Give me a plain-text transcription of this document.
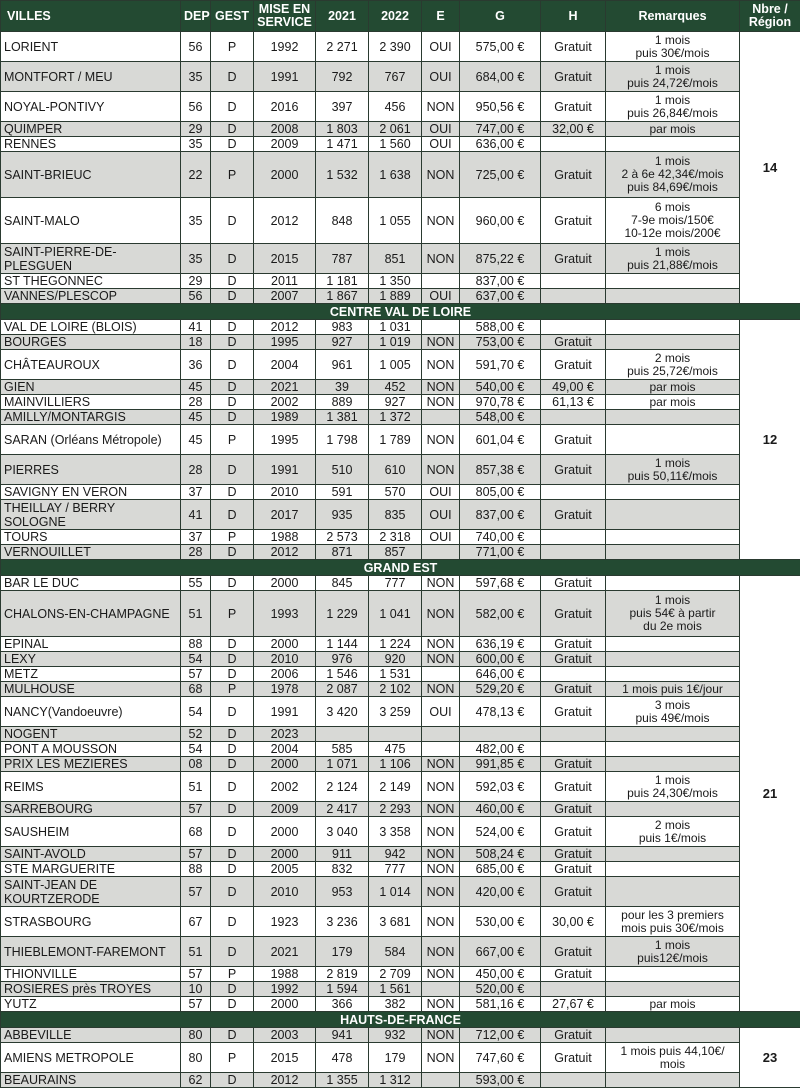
VILLES	DEP	GEST	MISE EN
SERVICE	2021	2022	E	G	H	Remarques	Nbre /
Région
LORIENT	56	P	1992	2 271	2 390	OUI	575,00 €	Gratuit	1 mois
puis 30€/mois	14
MONTFORT / MEU	35	D	1991	792	767	OUI	684,00 €	Gratuit	1 mois
puis 24,72€/mois	
NOYAL-PONTIVY	56	D	2016	397	456	NON	950,56 €	Gratuit	1 mois
puis 26,84€/mois	
QUIMPER	29	D	2008	1 803	2 061	OUI	747,00 €	32,00 €	par mois	
RENNES	35	D	2009	1 471	1 560	OUI	636,00 €			
SAINT-BRIEUC	22	P	2000	1 532	1 638	NON	725,00 €	Gratuit	1 mois
2 à 6e 42,34€/mois
puis 84,69€/mois	
SAINT-MALO	35	D	2012	848	1 055	NON	960,00 €	Gratuit	6 mois
7-9e mois/150€
10-12e mois/200€	
SAINT-PIERRE-DE-PLESGUEN	35	D	2015	787	851	NON	875,22 €	Gratuit	1 mois
puis 21,88€/mois	
ST THEGONNEC	29	D	2011	1 181	1 350		837,00 €			
VANNES/PLESCOP	56	D	2007	1 867	1 889	OUI	637,00 €			
CENTRE VAL DE LOIRE										
VAL DE LOIRE (BLOIS)	41	D	2012	983	1 031		588,00 €			12
BOURGES	18	D	1995	927	1 019	NON	753,00 €	Gratuit		
CHÂTEAUROUX	36	D	2004	961	1 005	NON	591,70 €	Gratuit	2 mois
puis 25,72€/mois	
GIEN	45	D	2021	39	452	NON	540,00 €	49,00 €	par mois	
MAINVILLIERS	28	D	2002	889	927	NON	970,78 €	61,13 €	par mois	
AMILLY/MONTARGIS	45	D	1989	1 381	1 372		548,00 €			
SARAN (Orléans Métropole)	45	P	1995	1 798	1 789	NON	601,04 €	Gratuit		
PIERRES	28	D	1991	510	610	NON	857,38 €	Gratuit	1 mois
puis 50,11€/mois	
SAVIGNY EN VERON	37	D	2010	591	570	OUI	805,00 €			
THEILLAY / BERRY SOLOGNE	41	D	2017	935	835	OUI	837,00 €	Gratuit		
TOURS	37	P	1988	2 573	2 318	OUI	740,00 €			
VERNOUILLET	28	D	2012	871	857		771,00 €			
GRAND EST										
BAR LE DUC	55	D	2000	845	777	NON	597,68 €	Gratuit		21
CHALONS-EN-CHAMPAGNE	51	P	1993	1 229	1 041	NON	582,00 €	Gratuit	1 mois
puis 54€ à partir
du 2e mois	
EPINAL	88	D	2000	1 144	1 224	NON	636,19 €	Gratuit		
LEXY	54	D	2010	976	920	NON	600,00 €	Gratuit		
METZ	57	D	2006	1 546	1 531		646,00 €			
MULHOUSE	68	P	1978	2 087	2 102	NON	529,20 €	Gratuit	1 mois puis 1€/jour	
NANCY(Vandoeuvre)	54	D	1991	3 420	3 259	OUI	478,13 €	Gratuit	3 mois
puis 49€/mois	
NOGENT	52	D	2023							
PONT A MOUSSON	54	D	2004	585	475		482,00 €			
PRIX LES MEZIERES	08	D	2000	1 071	1 106	NON	991,85 €	Gratuit		
REIMS	51	D	2002	2 124	2 149	NON	592,03 €	Gratuit	1 mois
puis 24,30€/mois	
SARREBOURG	57	D	2009	2 417	2 293	NON	460,00 €	Gratuit		
SAUSHEIM	68	D	2000	3 040	3 358	NON	524,00 €	Gratuit	2 mois
puis 1€/mois	
SAINT-AVOLD	57	D	2000	911	942	NON	508,24 €	Gratuit		
STE MARGUERITE	88	D	2005	832	777	NON	685,00 €	Gratuit		
SAINT-JEAN DE KOURTZERODE	57	D	2010	953	1 014	NON	420,00 €	Gratuit		
STRASBOURG	67	D	1923	3 236	3 681	NON	530,00 €	30,00 €	pour les 3 premiers
mois puis 30€/mois	
THIEBLEMONT-FAREMONT	51	D	2021	179	584	NON	667,00 €	Gratuit	1 mois
puis12€/mois	
THIONVILLE	57	P	1988	2 819	2 709	NON	450,00 €	Gratuit		
ROSIERES près TROYES	10	D	1992	1 594	1 561		520,00 €			
YUTZ	57	D	2000	366	382	NON	581,16 €	27,67 €	par mois	
HAUTS-DE-FRANCE										
ABBEVILLE	80	D	2003	941	932	NON	712,00 €	Gratuit		23
AMIENS METROPOLE	80	P	2015	478	179	NON	747,60 €	Gratuit	1 mois puis 44,10€/
mois	
BEAURAINS	62	D	2012	1 355	1 312		593,00 €			
